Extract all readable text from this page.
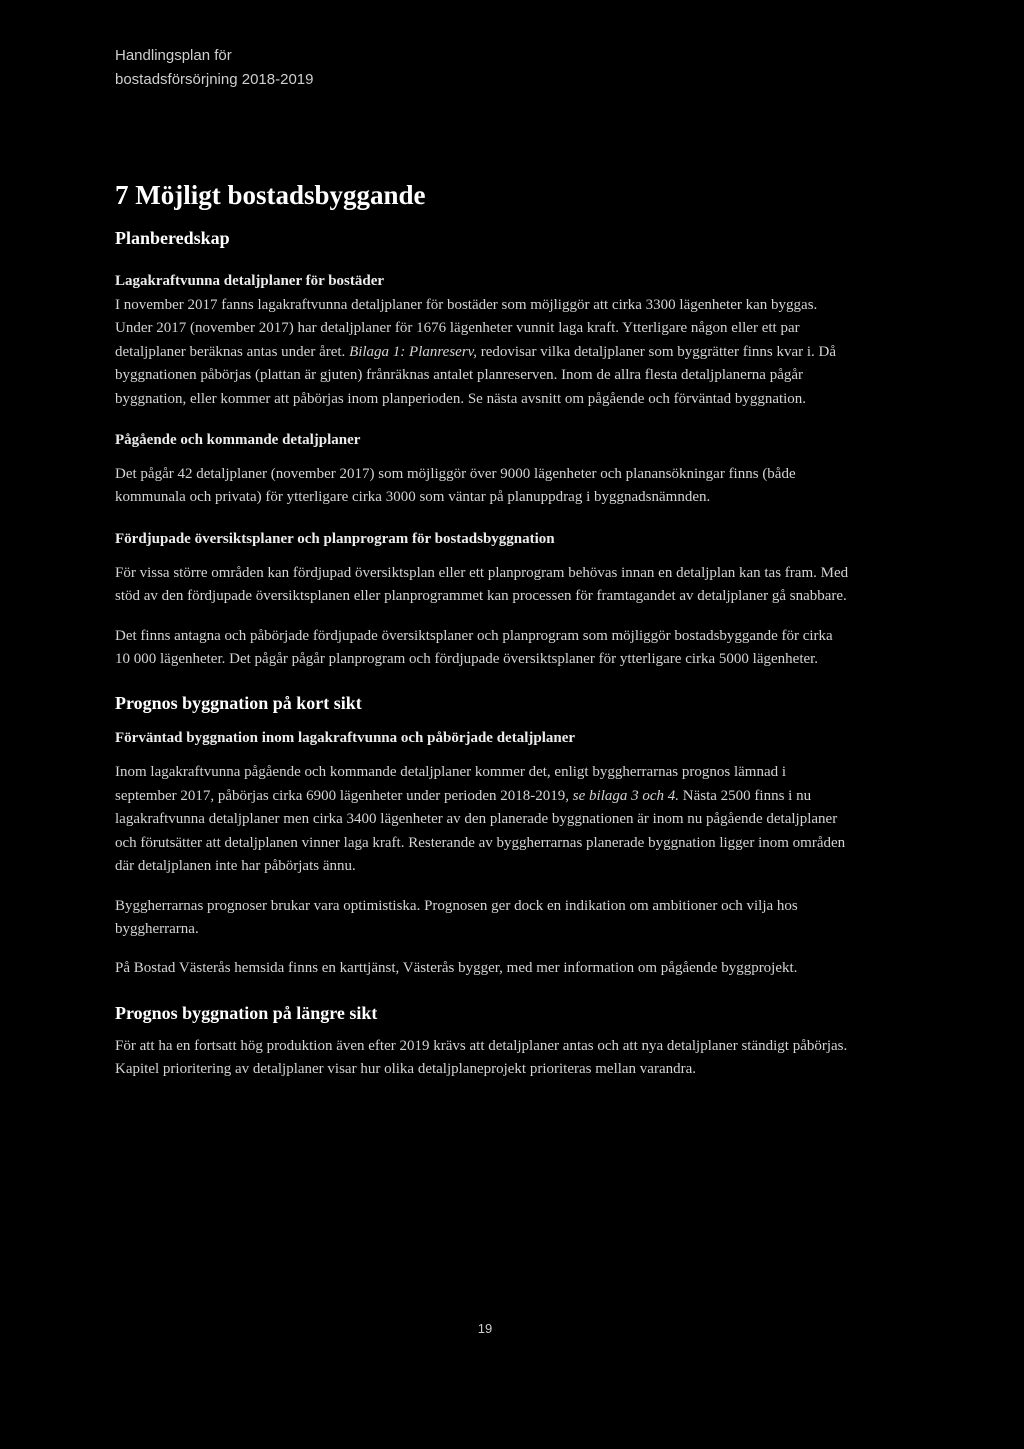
Handlingsplan för
bostadsförsörjning 2018-2019
7 Möjligt bostadsbyggande
Planberedskap
Lagakraftvunna detaljplaner för bostäder

I november 2017 fanns lagakraftvunna detaljplaner för bostäder som möjliggör att cirka 3300 lägenheter kan byggas. Under 2017 (november 2017) har detaljplaner för 1676 lägenheter vunnit laga kraft. Ytterligare någon eller ett par detaljplaner beräknas antas under året. Bilaga 1: Planreserv, redovisar vilka detaljplaner som byggrätter finns kvar i. Då byggnationen påbörjas (plattan är gjuten) frånräknas antalet planreserven. Inom de allra flesta detaljplanerna pågår byggnation, eller kommer att påbörjas inom planperioden. Se nästa avsnitt om pågående och förväntad byggnation.

Pågående och kommande detaljplaner

Det pågår 42 detaljplaner (november 2017) som möjliggör över 9000 lägenheter och planansökningar finns (både kommunala och privata) för ytterligare cirka 3000 som väntar på planuppdrag i byggnadsnämnden.

Fördjupade översiktsplaner och planprogram för bostadsbyggnation

För vissa större områden kan fördjupad översiktsplan eller ett planprogram behövas innan en detaljplan kan tas fram. Med stöd av den fördjupade översiktsplanen eller planprogrammet kan processen för framtagandet av detaljplaner gå snabbare.

Det finns antagna och påbörjade fördjupade översiktsplaner och planprogram som möjliggör bostadsbyggande för cirka 10 000 lägenheter. Det pågår pågår planprogram och fördjupade översiktsplaner för ytterligare cirka 5000 lägenheter.

Prognos byggnation på kort sikt
Förväntad byggnation inom lagakraftvunna och påbörjade detaljplaner

Inom lagakraftvunna pågående och kommande detaljplaner kommer det, enligt byggherrarnas prognos lämnad i september 2017, påbörjas cirka 6900 lägenheter under perioden 2018-2019, se bilaga 3 och 4. Nästa 2500 finns i nu lagakraftvunna detaljplaner men cirka 3400 lägenheter av den planerade byggnationen är inom nu pågående detaljplaner och förutsätter att detaljplanen vinner laga kraft. Resterande av byggherrarnas planerade byggnation ligger inom områden där detaljplanen inte har påbörjats ännu.

Byggherrarnas prognoser brukar vara optimistiska. Prognosen ger dock en indikation om ambitioner och vilja hos byggherrarna.

På Bostad Västerås hemsida finns en karttjänst, Västerås bygger, med mer information om pågående byggprojekt.

Prognos byggnation på längre sikt

För att ha en fortsatt hög produktion även efter 2019 krävs att detaljplaner antas och att nya detaljplaner ständigt påbörjas. Kapitel prioritering av detaljplaner visar hur olika detaljplaneprojekt prioriteras mellan varandra.

19
